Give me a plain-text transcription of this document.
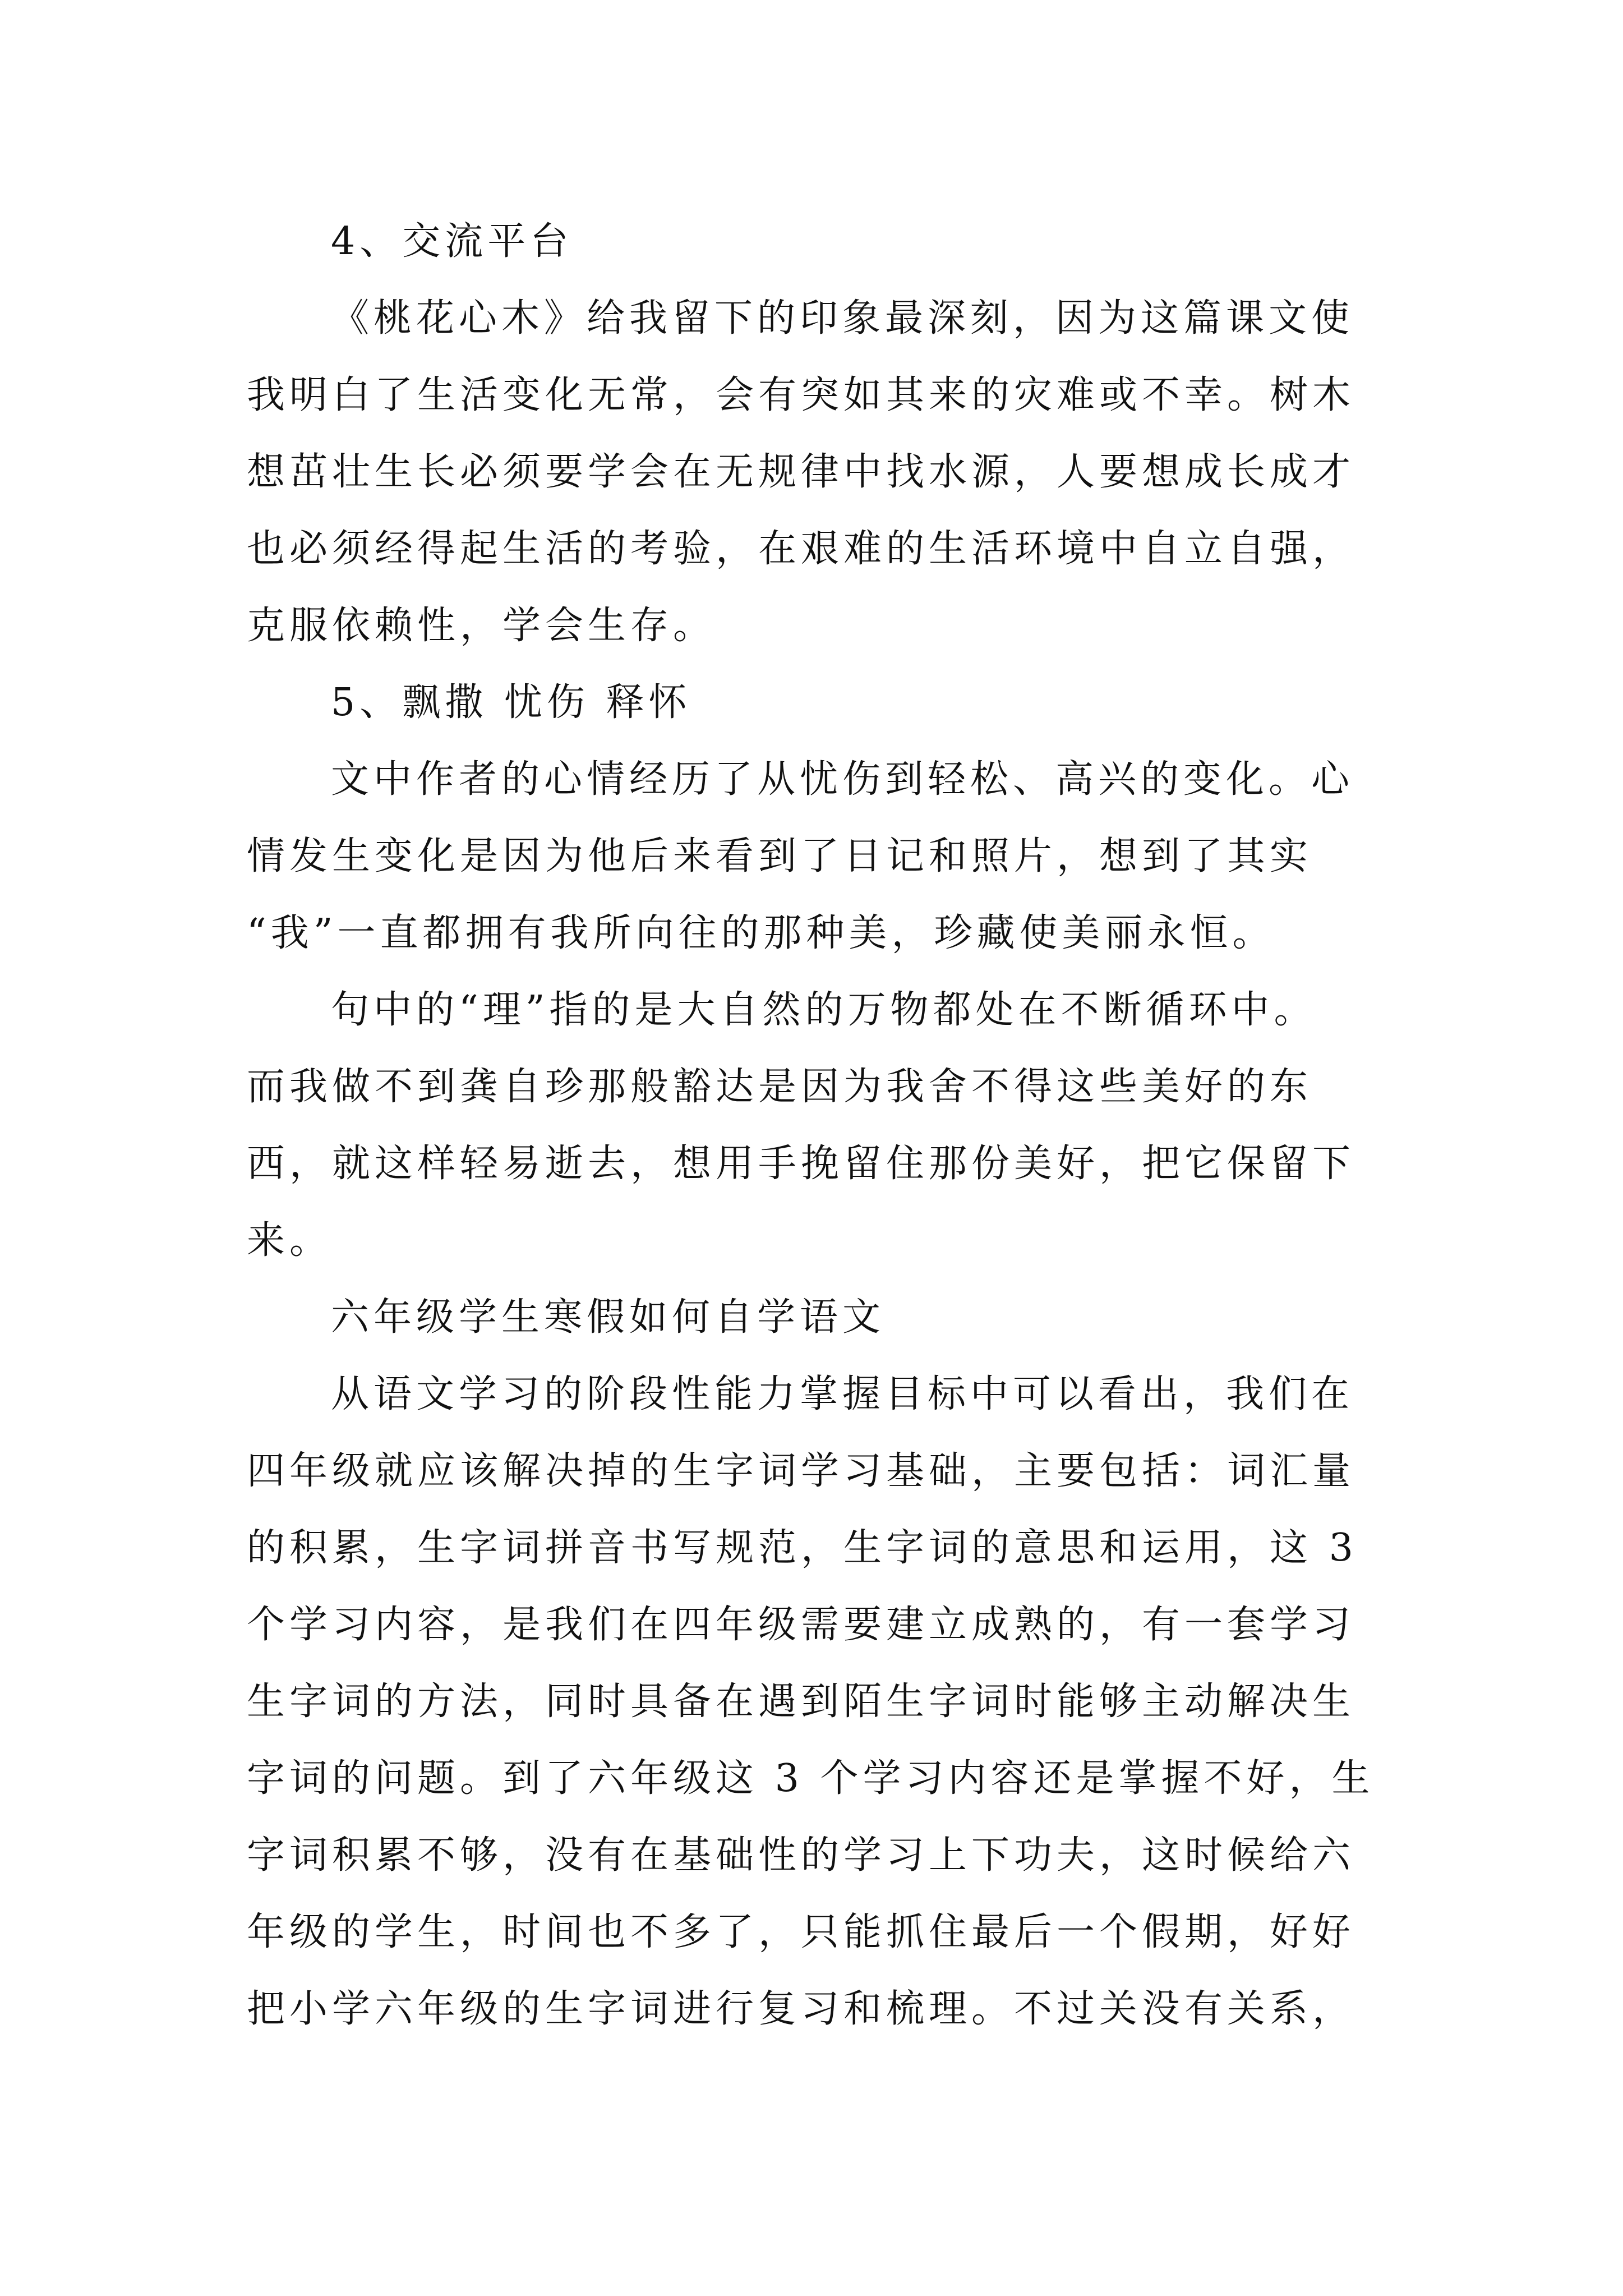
4、交流平台
《桃花心木》给我留下的印象最深刻，因为这篇课文使
我明白了生活变化无常，会有突如其来的灾难或不幸。树木
想茁壮生长必须要学会在无规律中找水源，人要想成长成才
也必须经得起生活的考验，在艰难的生活环境中自立自强，
克服依赖性，学会生存。
5、飘撒 忧伤 释怀
文中作者的心情经历了从忧伤到轻松、高兴的变化。心
情发生变化是因为他后来看到了日记和照片，想到了其实
“我”一直都拥有我所向往的那种美，珍藏使美丽永恒。
句中的“理”指的是大自然的万物都处在不断循环中。
而我做不到龚自珍那般豁达是因为我舍不得这些美好的东
西，就这样轻易逝去，想用手挽留住那份美好，把它保留下
来。
六年级学生寒假如何自学语文
从语文学习的阶段性能力掌握目标中可以看出，我们在
四年级就应该解决掉的生字词学习基础，主要包括：词汇量
的积累，生字词拼音书写规范，生字词的意思和运用，这 3
个学习内容，是我们在四年级需要建立成熟的，有一套学习
生字词的方法，同时具备在遇到陌生字词时能够主动解决生
字词的问题。到了六年级这 3 个学习内容还是掌握不好，生
字词积累不够，没有在基础性的学习上下功夫，这时候给六
年级的学生，时间也不多了，只能抓住最后一个假期，好好
把小学六年级的生字词进行复习和梳理。不过关没有关系，
